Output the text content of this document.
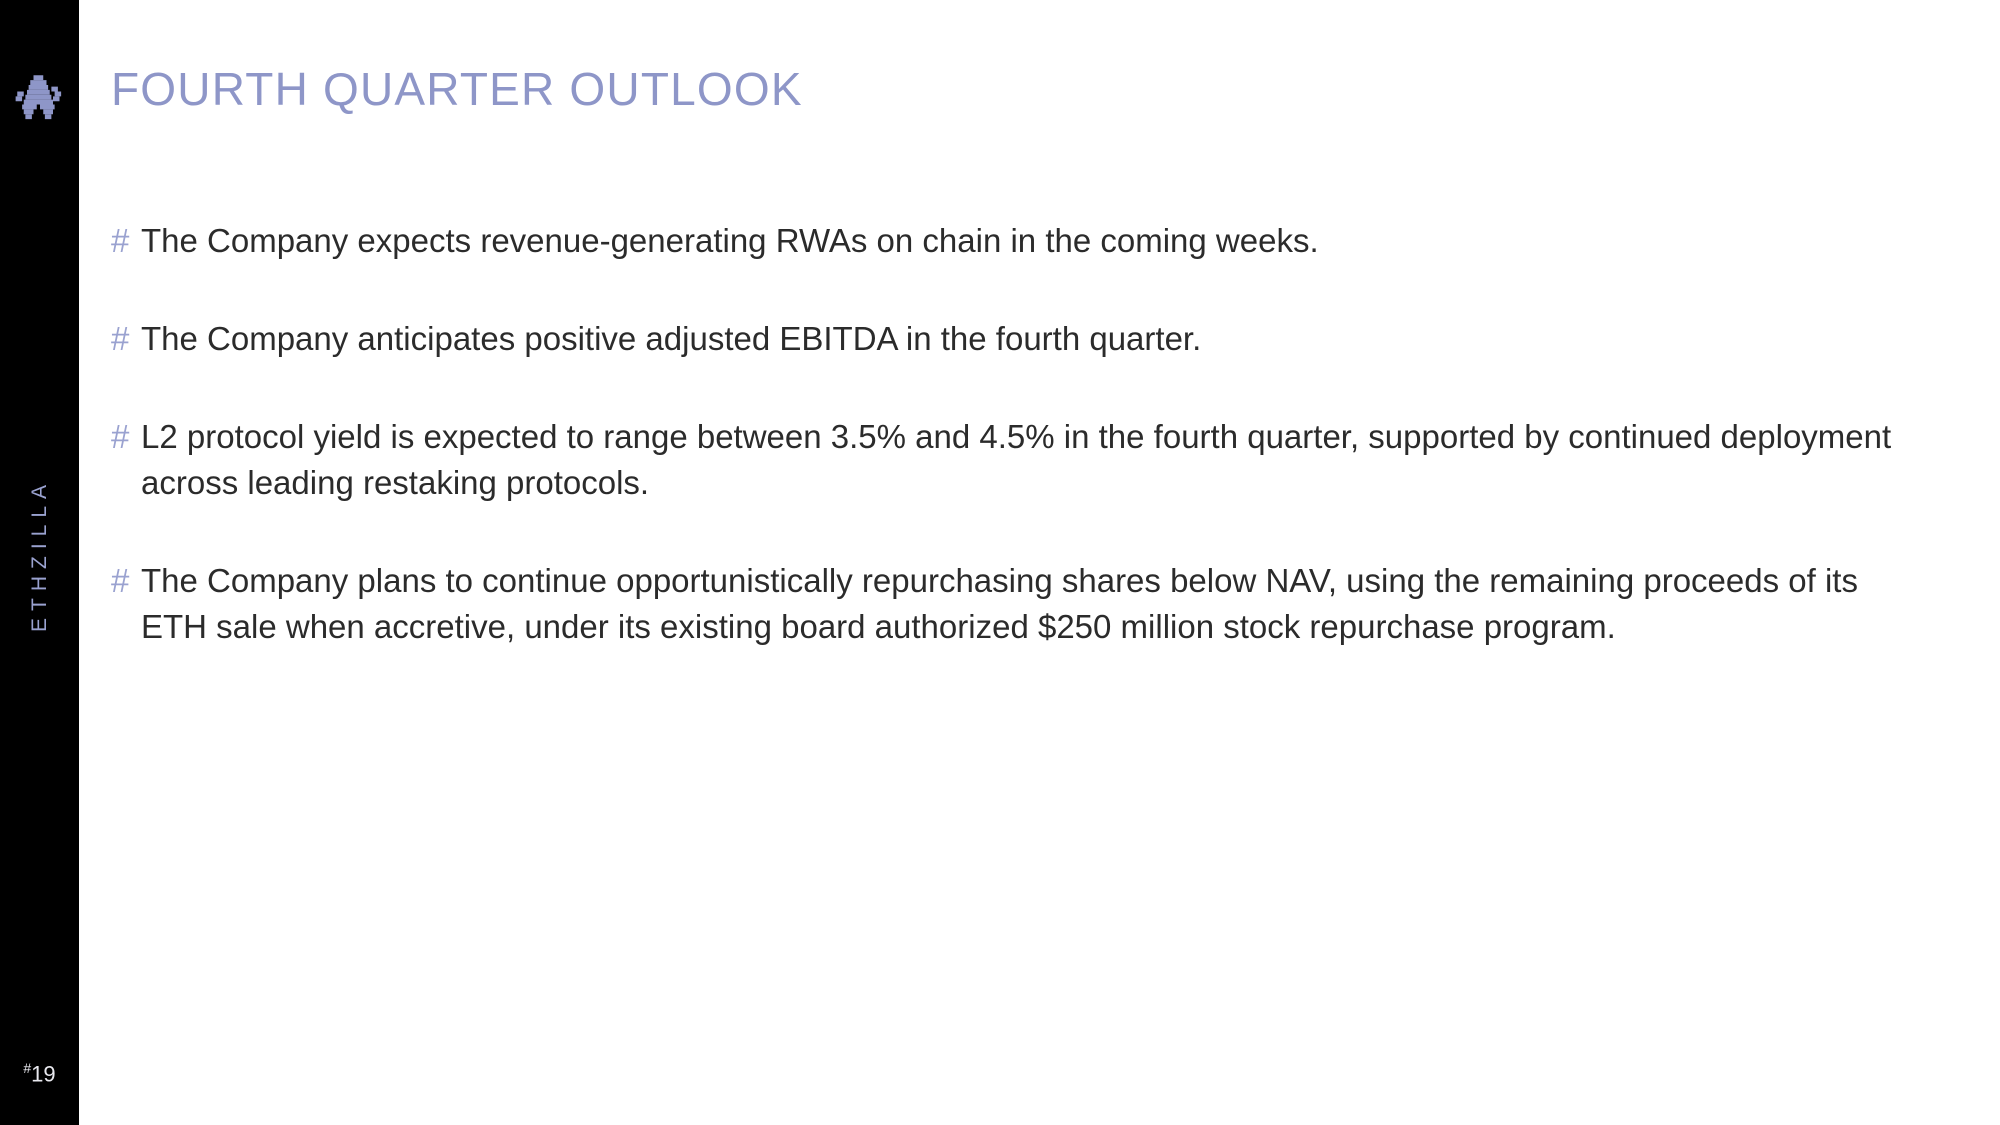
ETHZILLA
#19
FOURTH QUARTER OUTLOOK
# The Company expects revenue-generating RWAs on chain in the coming weeks.
# The Company anticipates positive adjusted EBITDA in the fourth quarter.
# L2 protocol yield is expected to range between 3.5% and 4.5% in the fourth quarter, supported by continued deployment across leading restaking protocols.
# The Company plans to continue opportunistically repurchasing shares below NAV, using the remaining proceeds of its ETH sale when accretive, under its existing board authorized $250 million stock repurchase program.
